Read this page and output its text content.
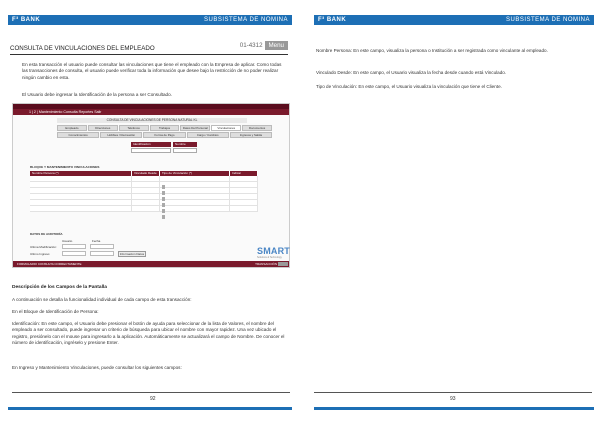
F³ BANK	SUBSISTEMA DE NOMINA
CONSULTA DE VINCULACIONES DEL EMPLEADO	01-4312 Menu
En esta transacción el usuario puede consultar las vinculaciones que tiene el empleado con la Empresa de aplicar. Como todas las transacciones de consulta, el usuario puede verificar toda la información que desee bajo la restricción de no poder realizar ningún cambio en esta.
El Usuario debe ingresar la Identificación de la persona a ser Consultado.
1 | 2 | Mantenimiento Consulta Reportes Salir
CONSULTA DE VINCULACIONES DE PERSONA NATURAL KL
Empleado	Direcciones	Teléfonos	Trabajos	Datos Del Personal	Vinculaciones	Documentos
Conocimientos	Hobbies / Recreación	Forma de Pago	Cargo / Cambios	Ingresos y Salida
Identificación	Nombre
BLOQUE Y MANTENIMIENTO VINCULACIONES
Nombre Persona (*)	Vinculado Desde	Tipo de Vinculación (*)	Indicar
DATOS DE AUDITORÍA
Usuario	Fecha
Ultima Modificación:
Ultimo Ingreso:	Información Datos	SMART
Solutions & Technology
FORMULARIO CONSULTA CORRECTAMENTE	TRANSACCIÓN
Descripción de los Campos de la Pantalla
A continuación se detalla la funcionalidad individual de cada campo de esta transacción:
En el Bloque de Identificación de Persona:
Identificación: En este campo, el Usuario debe presionar el botón de ayuda para seleccionar de la lista de Valores, el nombre del empleado a ser consultado, puede ingresar un criterio de búsqueda para ubicar el nombre con mayor rapidez. Una vez ubicado el registro, presiónelo con el mouse para ingresarlo a la aplicación. Automáticamente se actualizará el campo de Nombre. De conocer el número de identificación, ingréselo y presione Enter.
En Ingreso y Mantenimiento Vinculaciones, puede consultar los siguientes campos:
92
F³ BANK	SUBSISTEMA DE NOMINA
Nombre Persona: En este campo, visualiza la persona o Institución a ser registrada como vinculante al empleado.
Vinculado Desde: En este campo, el Usuario visualiza la fecha desde cuando está Vinculado.
Tipo de Vinculación: En este campo, el Usuario visualiza la vinculación que tiene el Cliente.
93
